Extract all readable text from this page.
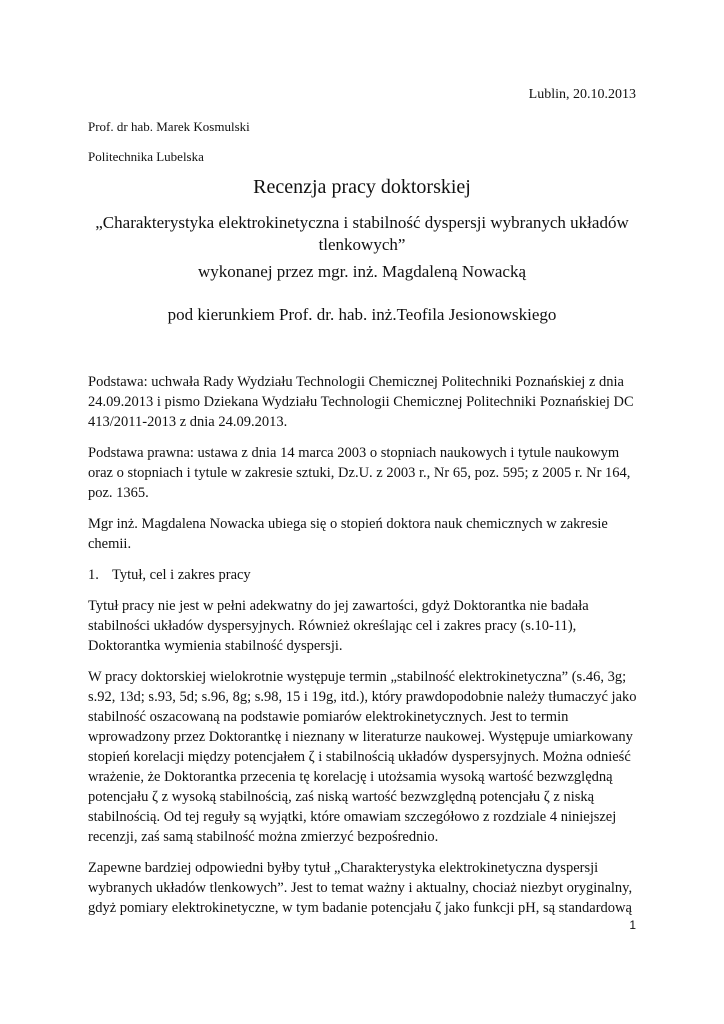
Lublin, 20.10.2013
Prof. dr hab. Marek Kosmulski
Politechnika Lubelska
Recenzja pracy doktorskiej
„Charakterystyka elektrokinetyczna i stabilność dyspersji wybranych układów tlenkowych”
wykonanej przez mgr. inż. Magdaleną Nowacką
pod kierunkiem Prof. dr. hab. inż.Teofila Jesionowskiego

Podstawa: uchwała Rady Wydziału Technologii Chemicznej Politechniki Poznańskiej z dnia 24.09.2013 i pismo Dziekana Wydziału Technologii Chemicznej Politechniki Poznańskiej DC 413/2011-2013 z dnia 24.09.2013.

Podstawa prawna: ustawa z dnia 14 marca 2003 o stopniach naukowych i tytule naukowym oraz o stopniach i tytule w zakresie sztuki, Dz.U. z 2003 r., Nr 65, poz. 595; z 2005 r. Nr 164, poz. 1365.

Mgr inż. Magdalena Nowacka ubiega się o stopień doktora nauk chemicznych w zakresie chemii.

1. Tytuł, cel i zakres pracy

Tytuł pracy nie jest w pełni adekwatny do jej zawartości, gdyż Doktorantka nie badała stabilności układów dyspersyjnych. Również określając cel i zakres pracy (s.10-11), Doktorantka wymienia stabilność dyspersji.

W pracy doktorskiej wielokrotnie występuje termin „stabilność elektrokinetyczna” (s.46, 3g; s.92, 13d; s.93, 5d; s.96, 8g; s.98, 15 i 19g, itd.), który prawdopodobnie należy tłumaczyć jako stabilność oszacowaną na podstawie pomiarów elektrokinetycznych. Jest to termin wprowadzony przez Doktorantkę i nieznany w literaturze naukowej. Występuje umiarkowany stopień korelacji między potencjałem ζ i stabilnością układów dyspersyjnych. Można odnieść wrażenie, że Doktorantka przecenia tę korelację i utożsamia wysoką wartość bezwzględną potencjału ζ z wysoką stabilnością, zaś niską wartość bezwzględną potencjału ζ z niską stabilnością. Od tej reguły są wyjątki, które omawiam szczegółowo z rozdziale 4 niniejszej recenzji, zaś samą stabilność można zmierzyć bezpośrednio.

Zapewne bardziej odpowiedni byłby tytuł „Charakterystyka elektrokinetyczna dyspersji wybranych układów tlenkowych”. Jest to temat ważny i aktualny, chociaż niezbyt oryginalny, gdyż pomiary elektrokinetyczne, w tym badanie potencjału ζ jako funkcji pH, są standardową

1
